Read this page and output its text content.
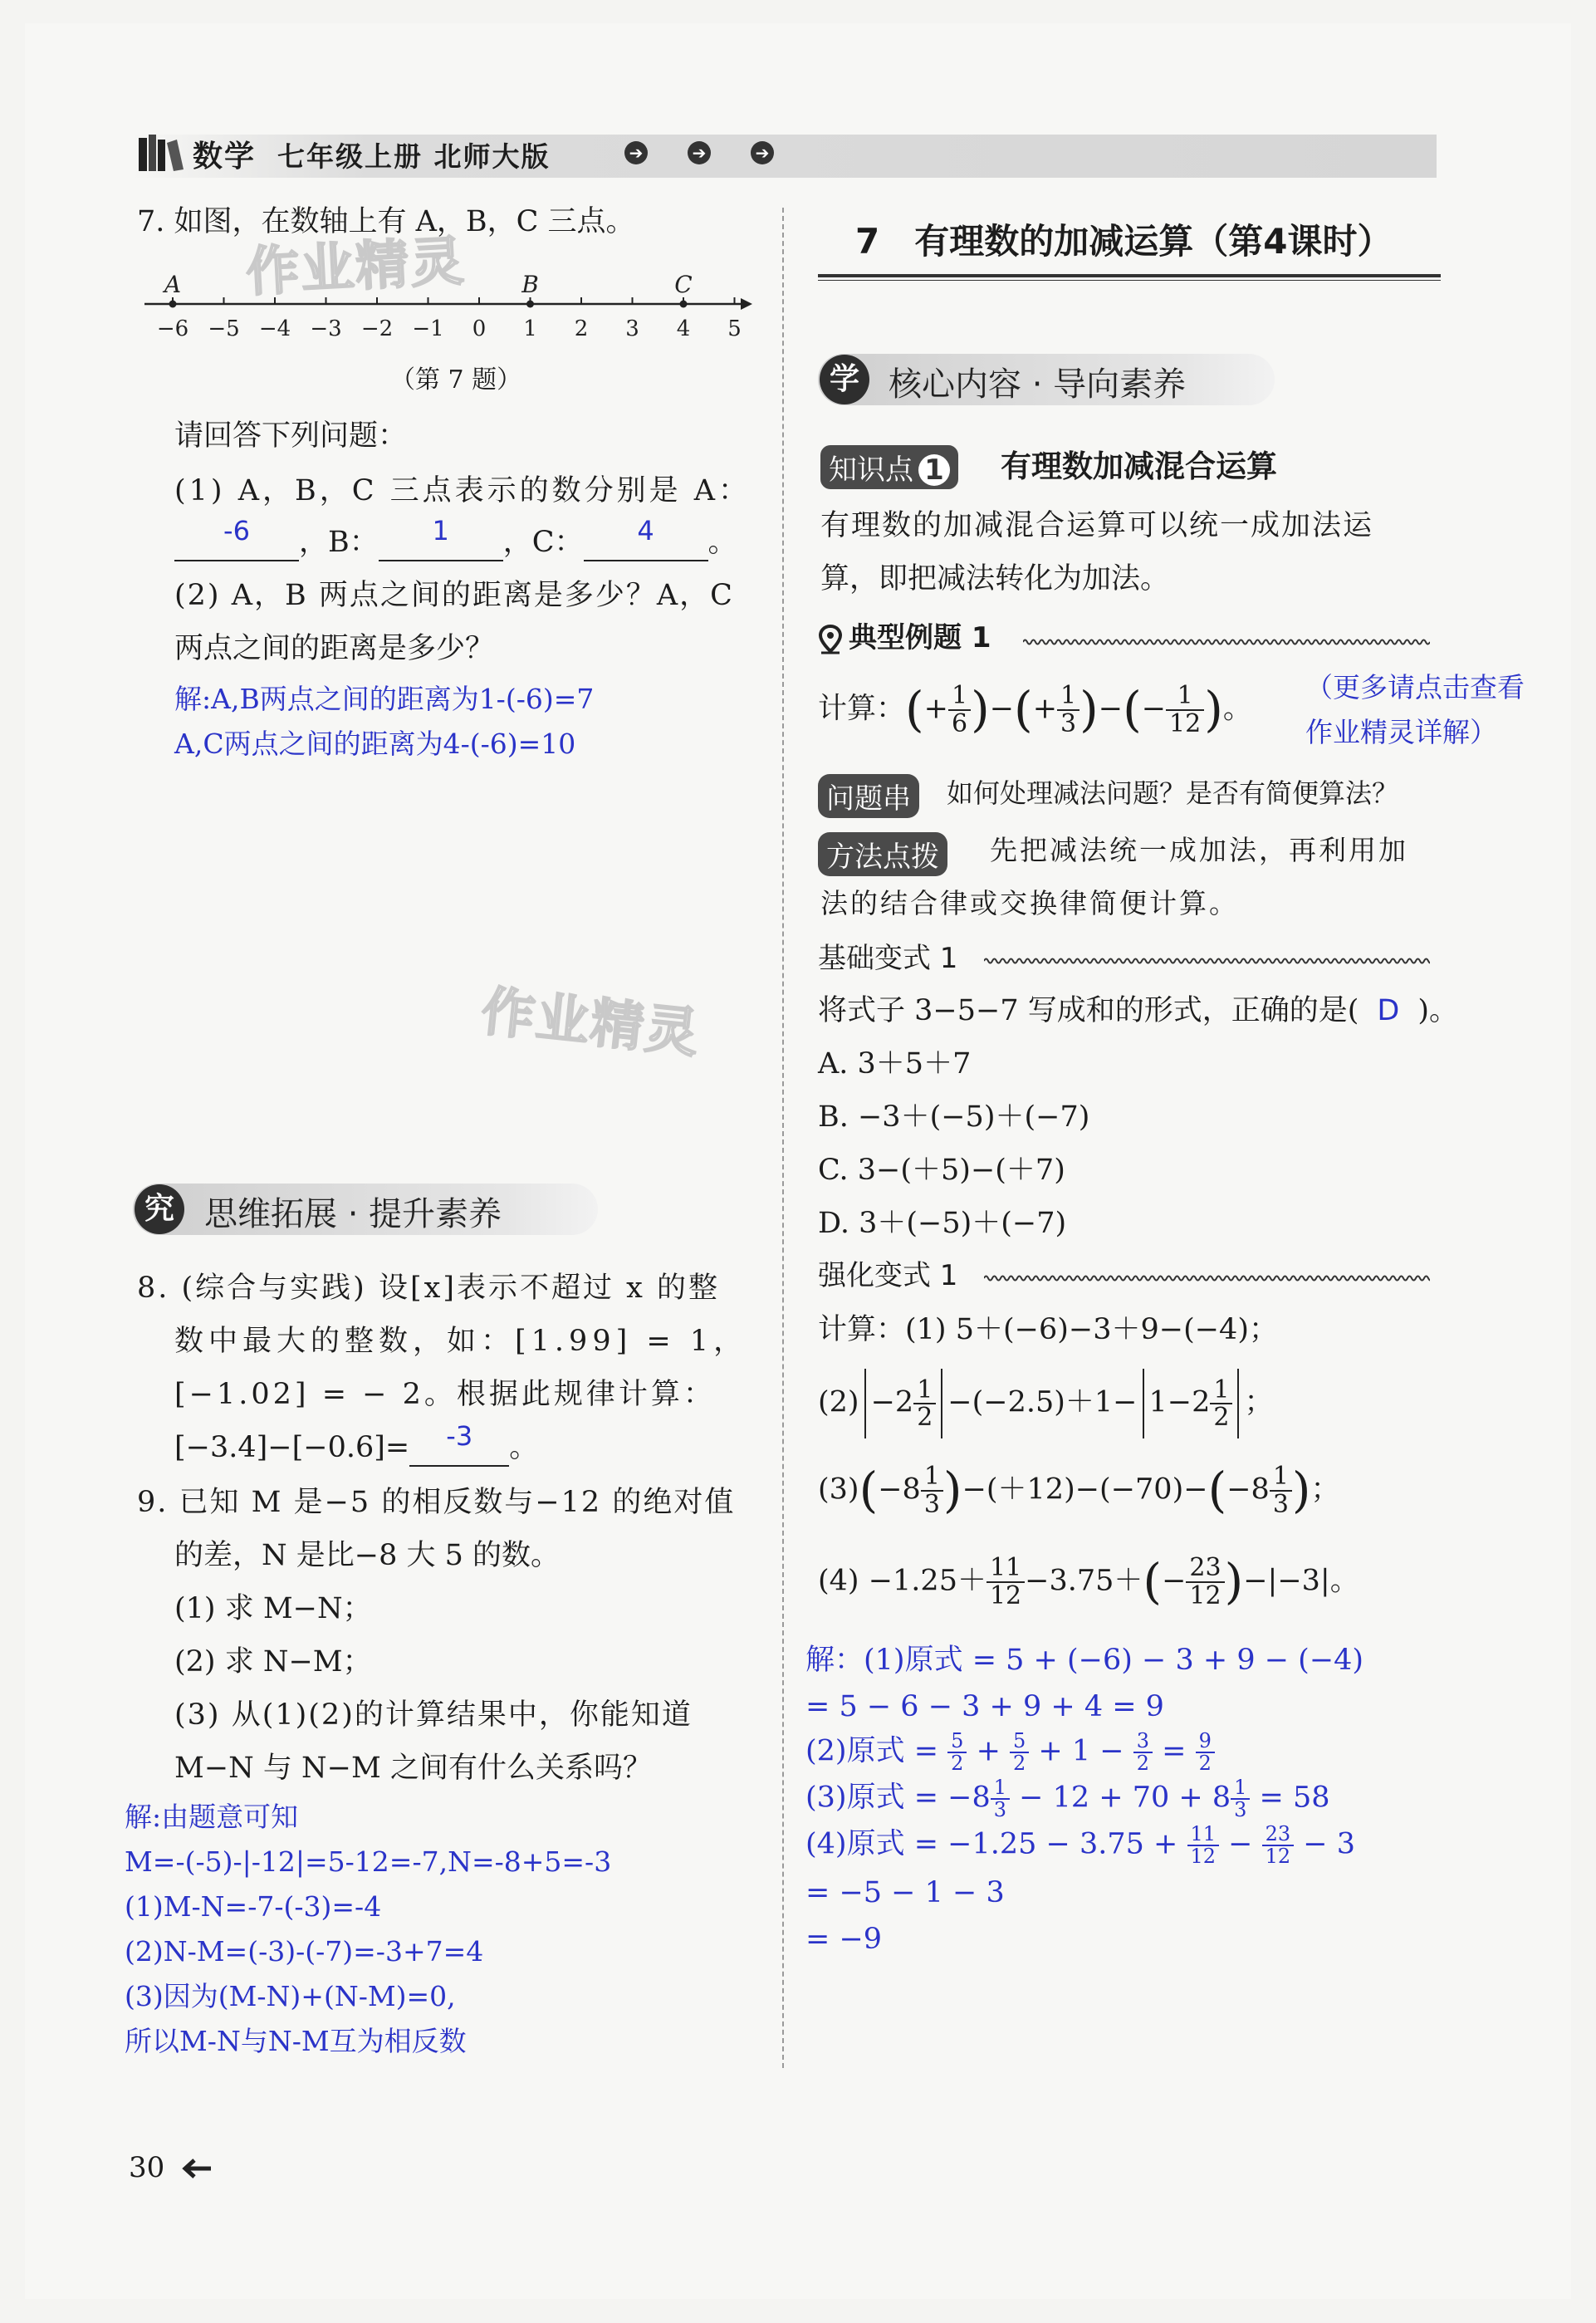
数学 七年级上册 北师大版	➔	➔	➔
作业精灵
作业精灵
7. 如图，在数轴上有 A，B，C 三点。
−6 −5 −4 −3 −2 −1 0 1 2 3 4 5
A	B	C
（第 7 题）
请回答下列问题：
(1) A，B，C 三点表示的数分别是 A：
-6 ，B： 1 ，C： 4 。
(2) A，B 两点之间的距离是多少？A，C
两点之间的距离是多少？
解:A,B两点之间的距离为1-(-6)=7
A,C两点之间的距离为4-(-6)=10
究 思维拓展 · 提升素养
8. (综合与实践) 设[x]表示不超过 x 的整
数中最大的整数，如：[1.99] = 1，
[−1.02] = − 2。根据此规律计算：
[−3.4]−[−0.6]= -3 。
9. 已知 M 是−5 的相反数与−12 的绝对值
的差，N 是比−8 大 5 的数。
(1) 求 M−N；
(2) 求 N−M；
(3) 从(1)(2)的计算结果中，你能知道
M−N 与 N−M 之间有什么关系吗？
解:由题意可知
M=-(-5)-|-12|=5-12=-7,N=-8+5=-3
(1)M-N=-7-(-3)=-4
(2)N-M=(-3)-(-7)=-3+7=4
(3)因为(M-N)+(N-M)=0,
所以M-N与N-M互为相反数
30
7　有理数的加减运算（第4课时）
学 核心内容 · 导向素养
知识点 1	有理数加减混合运算
有理数的加减混合运算可以统一成加法运
算，即把减法转化为加法。
典型例题 1
计算：(+ $\frac{1}{6}$ )−(+ $\frac{1}{3}$ )−(− $\frac{1}{12}$ )。
（更多请点击查看
作业精灵详解）
问题串	如何处理减法问题？是否有简便算法？
方法点拨	先把减法统一成加法，再利用加
法的结合律或交换律简便计算。
基础变式 1
将式子 3−5−7 写成和的形式，正确的是( D )。
A. 3＋5＋7
B. −3＋(−5)＋(−7)
C. 3−(＋5)−(＋7)
D. 3＋(−5)＋(−7)
强化变式 1
计算：(1) 5＋(−6)−3＋9−(−4)；
$(2) -2 \frac{1}{2} -(-2.5)+1- 1-2 \frac{1}{2}$ ；
$(3)(-8 \frac{1}{3} )-(+12)-(-70)-(-8 \frac{1}{3}$ )；
$(4) -1.25+ \frac{11}{12} -3.75+(- \frac{23}{12} )-|-3|$。
解：(1)原式 = 5 + (−6) − 3 + 9 − (−4)
= 5 − 6 − 3 + 9 + 4 = 9
(2)原式 = $\frac{5}{2} + \frac{5}{2} + 1 - \frac{3}{2} = \frac{9}{2}$
(3)原式 = $-8 \frac{1}{3} - 12 + 70 + 8 \frac{1}{3} = 58$
(4)原式 = $-1.25 - 3.75 + \frac{11}{12} - \frac{23}{12} - 3$
= −5 − 1 − 3
= −9
